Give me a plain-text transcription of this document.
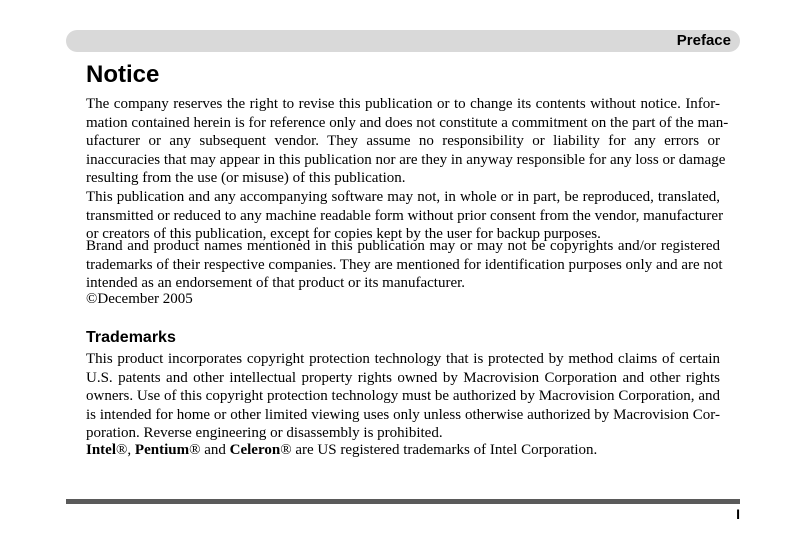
Preface
Notice

The company reserves the right to revise this publication or to change its contents without notice. Infor-
mation contained herein is for reference only and does not constitute a commitment on the part of the man-
ufacturer or any subsequent vendor. They assume no responsibility or liability for any errors or
inaccuracies that may appear in this publication nor are they in anyway responsible for any loss or damage
resulting from the use (or misuse) of this publication.

This publication and any accompanying software may not, in whole or in part, be reproduced, translated,
transmitted or reduced to any machine readable form without prior consent from the vendor, manufacturer
or creators of this publication, except for copies kept by the user for backup purposes.

Brand and product names mentioned in this publication may or may not be copyrights and/or registered
trademarks of their respective companies. They are mentioned for identification purposes only and are not
intended as an endorsement of that product or its manufacturer.

©December 2005

Trademarks

This product incorporates copyright protection technology that is protected by method claims of certain
U.S. patents and other intellectual property rights owned by Macrovision Corporation and other rights
owners. Use of this copyright protection technology must be authorized by Macrovision Corporation, and
is intended for home or other limited viewing uses only unless otherwise authorized by Macrovision Cor-
poration. Reverse engineering or disassembly is prohibited.

Intel®, Pentium® and Celeron® are US registered trademarks of Intel Corporation.

I
